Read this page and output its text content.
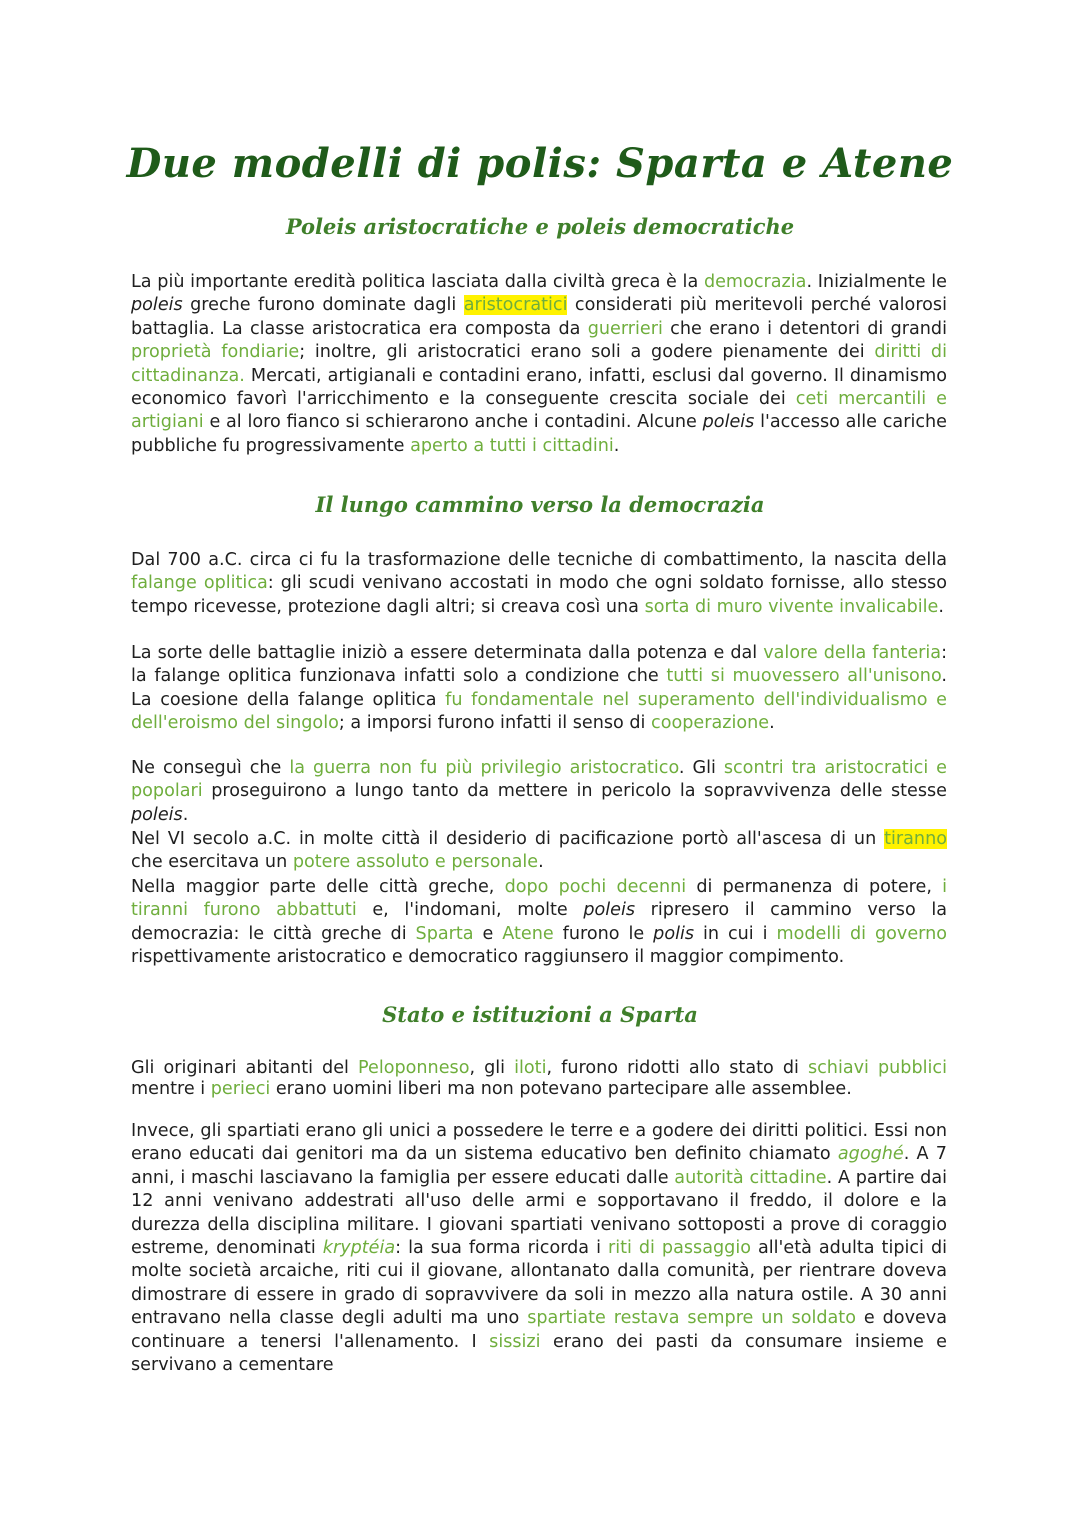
Due modelli di polis: Sparta e Atene
Poleis aristocratiche e poleis democratiche
La più importante eredità politica lasciata dalla civiltà greca è la democrazia. Inizialmente le poleis greche furono dominate dagli aristocratici considerati più meritevoli perché valorosi battaglia. La classe aristocratica era composta da guerrieri che erano i detentori di grandi proprietà fondiarie; inoltre, gli aristocratici erano soli a godere pienamente dei diritti di cittadinanza. Mercati, artigianali e contadini erano, infatti, esclusi dal governo. Il dinamismo economico favorì l'arricchimento e la conseguente crescita sociale dei ceti mercantili e artigiani e al loro fianco si schierarono anche i contadini. Alcune poleis l'accesso alle cariche pubbliche fu progressivamente aperto a tutti i cittadini.
Il lungo cammino verso la democrazia
Dal 700 a.C. circa ci fu la trasformazione delle tecniche di combattimento, la nascita della falange oplitica: gli scudi venivano accostati in modo che ogni soldato fornisse, allo stesso tempo ricevesse, protezione dagli altri; si creava così una sorta di muro vivente invalicabile.
La sorte delle battaglie iniziò a essere determinata dalla potenza e dal valore della fanteria: la falange oplitica funzionava infatti solo a condizione che tutti si muovessero all'unisono. La coesione della falange oplitica fu fondamentale nel superamento dell'individualismo e dell'eroismo del singolo; a imporsi furono infatti il senso di cooperazione.
Ne conseguì che la guerra non fu più privilegio aristocratico. Gli scontri tra aristocratici e popolari proseguirono a lungo tanto da mettere in pericolo la sopravvivenza delle stesse poleis.
Nel VI secolo a.C. in molte città il desiderio di pacificazione portò all'ascesa di un tiranno che esercitava un potere assoluto e personale.
Nella maggior parte delle città greche, dopo pochi decenni di permanenza di potere, i tiranni furono abbattuti e, l'indomani, molte poleis ripresero il cammino verso la democrazia: le città greche di Sparta e Atene furono le polis in cui i modelli di governo rispettivamente aristocratico e democratico raggiunsero il maggior compimento.
Stato e istituzioni a Sparta
Gli originari abitanti del Peloponneso, gli iloti, furono ridotti allo stato di schiavi pubblici mentre i perieci erano uomini liberi ma non potevano partecipare alle assemblee.
Invece, gli spartiati erano gli unici a possedere le terre e a godere dei diritti politici. Essi non erano educati dai genitori ma da un sistema educativo ben definito chiamato agoghé. A 7 anni, i maschi lasciavano la famiglia per essere educati dalle autorità cittadine. A partire dai 12 anni venivano addestrati all'uso delle armi e sopportavano il freddo, il dolore e la durezza della disciplina militare. I giovani spartiati venivano sottoposti a prove di coraggio estreme, denominati kryptéia: la sua forma ricorda i riti di passaggio all'età adulta tipici di molte società arcaiche, riti cui il giovane, allontanato dalla comunità, per rientrare doveva dimostrare di essere in grado di sopravvivere da soli in mezzo alla natura ostile. A 30 anni entravano nella classe degli adulti ma uno spartiate restava sempre un soldato e doveva continuare a tenersi l'allenamento. I sissizi erano dei pasti da consumare insieme e servivano a cementare
